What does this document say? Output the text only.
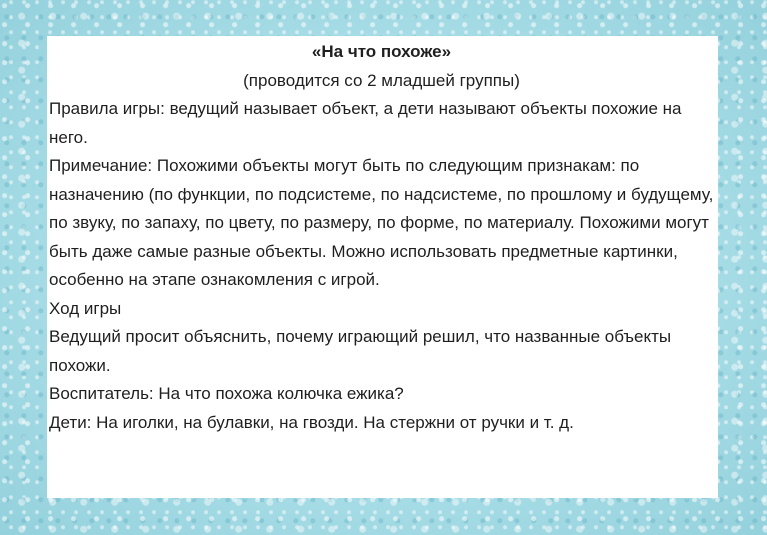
«На что похоже»

(проводится со 2 младшей группы)

Правила игры: ведущий называет объект, а дети называют объекты похожие на него.

Примечание: Похожими объекты могут быть по следующим признакам: по назначению (по функции, по подсистеме, по надсистеме, по прошлому и будущему, по звуку, по запаху, по цвету, по размеру, по форме, по материалу. Похожими могут быть даже самые разные объекты. Можно использовать предметные картинки, особенно на этапе ознакомления с игрой.

Ход игры

Ведущий просит объяснить, почему играющий решил, что названные объекты похожи.

Воспитатель: На что похожа колючка ежика?

Дети: На иголки, на булавки, на гвозди. На стержни от ручки и т. д.
